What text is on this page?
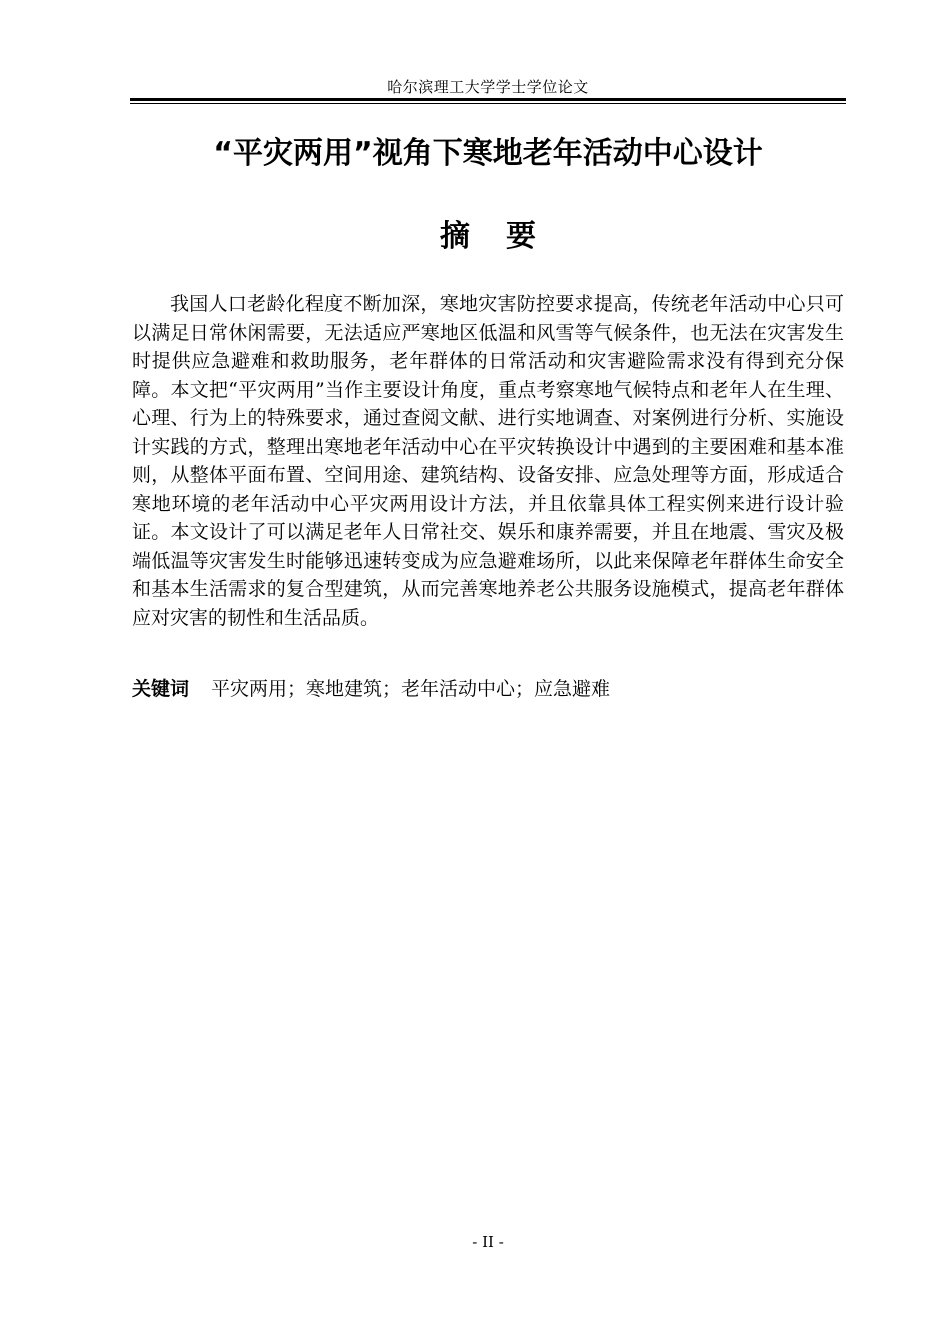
哈尔滨理工大学学士学位论文
“平灾两用”视角下寒地老年活动中心设计
摘要

我国人口老龄化程度不断加深，寒地灾害防控要求提高，传统老年活动中心只可以满足日常休闲需要，无法适应严寒地区低温和风雪等气候条件，也无法在灾害发生时提供应急避难和救助服务，老年群体的日常活动和灾害避险需求没有得到充分保障。本文把“平灾两用”当作主要设计角度，重点考察寒地气候特点和老年人在生理、心理、行为上的特殊要求，通过查阅文献、进行实地调查、对案例进行分析、实施设计实践的方式，整理出寒地老年活动中心在平灾转换设计中遇到的主要困难和基本准则，从整体平面布置、空间用途、建筑结构、设备安排、应急处理等方面，形成适合寒地环境的老年活动中心平灾两用设计方法，并且依靠具体工程实例来进行设计验证。本文设计了可以满足老年人日常社交、娱乐和康养需要，并且在地震、雪灾及极端低温等灾害发生时能够迅速转变成为应急避难场所，以此来保障老年群体生命安全和基本生活需求的复合型建筑，从而完善寒地养老公共服务设施模式，提高老年群体应对灾害的韧性和生活品质。

关键词 平灾两用；寒地建筑；老年活动中心；应急避难

- II -
